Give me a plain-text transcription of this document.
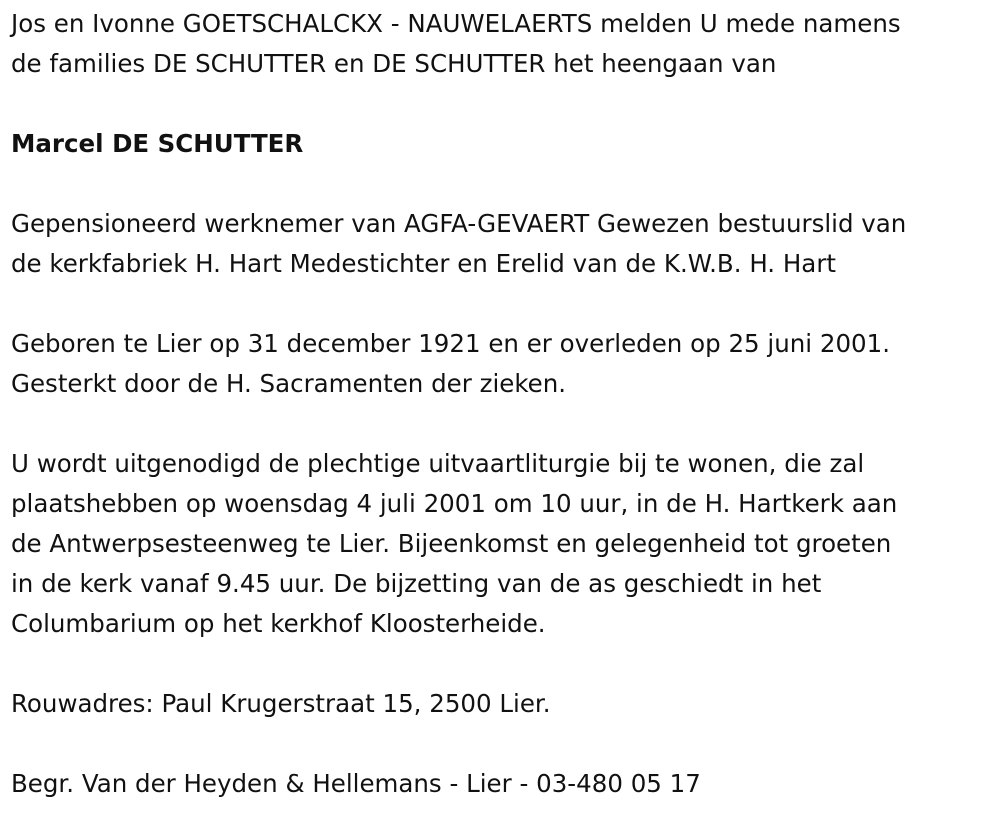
Jos en Ivonne GOETSCHALCKX - NAUWELAERTS melden U mede namens
de families DE SCHUTTER en DE SCHUTTER het heengaan van
Marcel DE SCHUTTER
Gepensioneerd werknemer van AGFA-GEVAERT Gewezen bestuurslid van
de kerkfabriek H. Hart Medestichter en Erelid van de K.W.B. H. Hart
Geboren te Lier op 31 december 1921 en er overleden op 25 juni 2001.
Gesterkt door de H. Sacramenten der zieken.
U wordt uitgenodigd de plechtige uitvaartliturgie bij te wonen, die zal
plaatshebben op woensdag 4 juli 2001 om 10 uur, in de H. Hartkerk aan
de Antwerpsesteenweg te Lier. Bijeenkomst en gelegenheid tot groeten
in de kerk vanaf 9.45 uur. De bijzetting van de as geschiedt in het
Columbarium op het kerkhof Kloosterheide.
Rouwadres: Paul Krugerstraat 15, 2500 Lier.
Begr. Van der Heyden & Hellemans - Lier - 03-480 05 17
